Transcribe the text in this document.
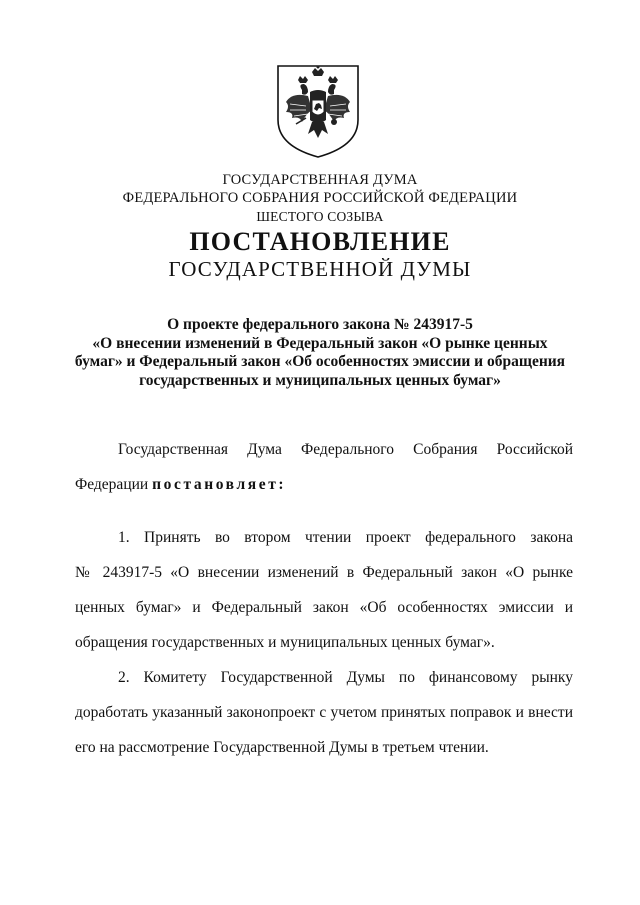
ГОСУДАРСТВЕННАЯ ДУМА
ФЕДЕРАЛЬНОГО СОБРАНИЯ РОССИЙСКОЙ ФЕДЕРАЦИИ
ШЕСТОГО СОЗЫВА
ПОСТАНОВЛЕНИЕ
ГОСУДАРСТВЕННОЙ ДУМЫ
О проекте федерального закона № 243917-5
«О внесении изменений в Федеральный закон «О рынке ценных
бумаг» и Федеральный закон «Об особенностях эмиссии и обращения
государственных и муниципальных ценных бумаг»
Государственная Дума Федерального Собрания Российской
Федерации постановляет:
1. Принять во втором чтении проект федерального закона
№ 243917-5 «О внесении изменений в Федеральный закон «О рынке
ценных бумаг» и Федеральный закон «Об особенностях эмиссии и
обращения государственных и муниципальных ценных бумаг».
2. Комитету Государственной Думы по финансовому рынку
доработать указанный законопроект с учетом принятых поправок и внести
его на рассмотрение Государственной Думы в третьем чтении.
